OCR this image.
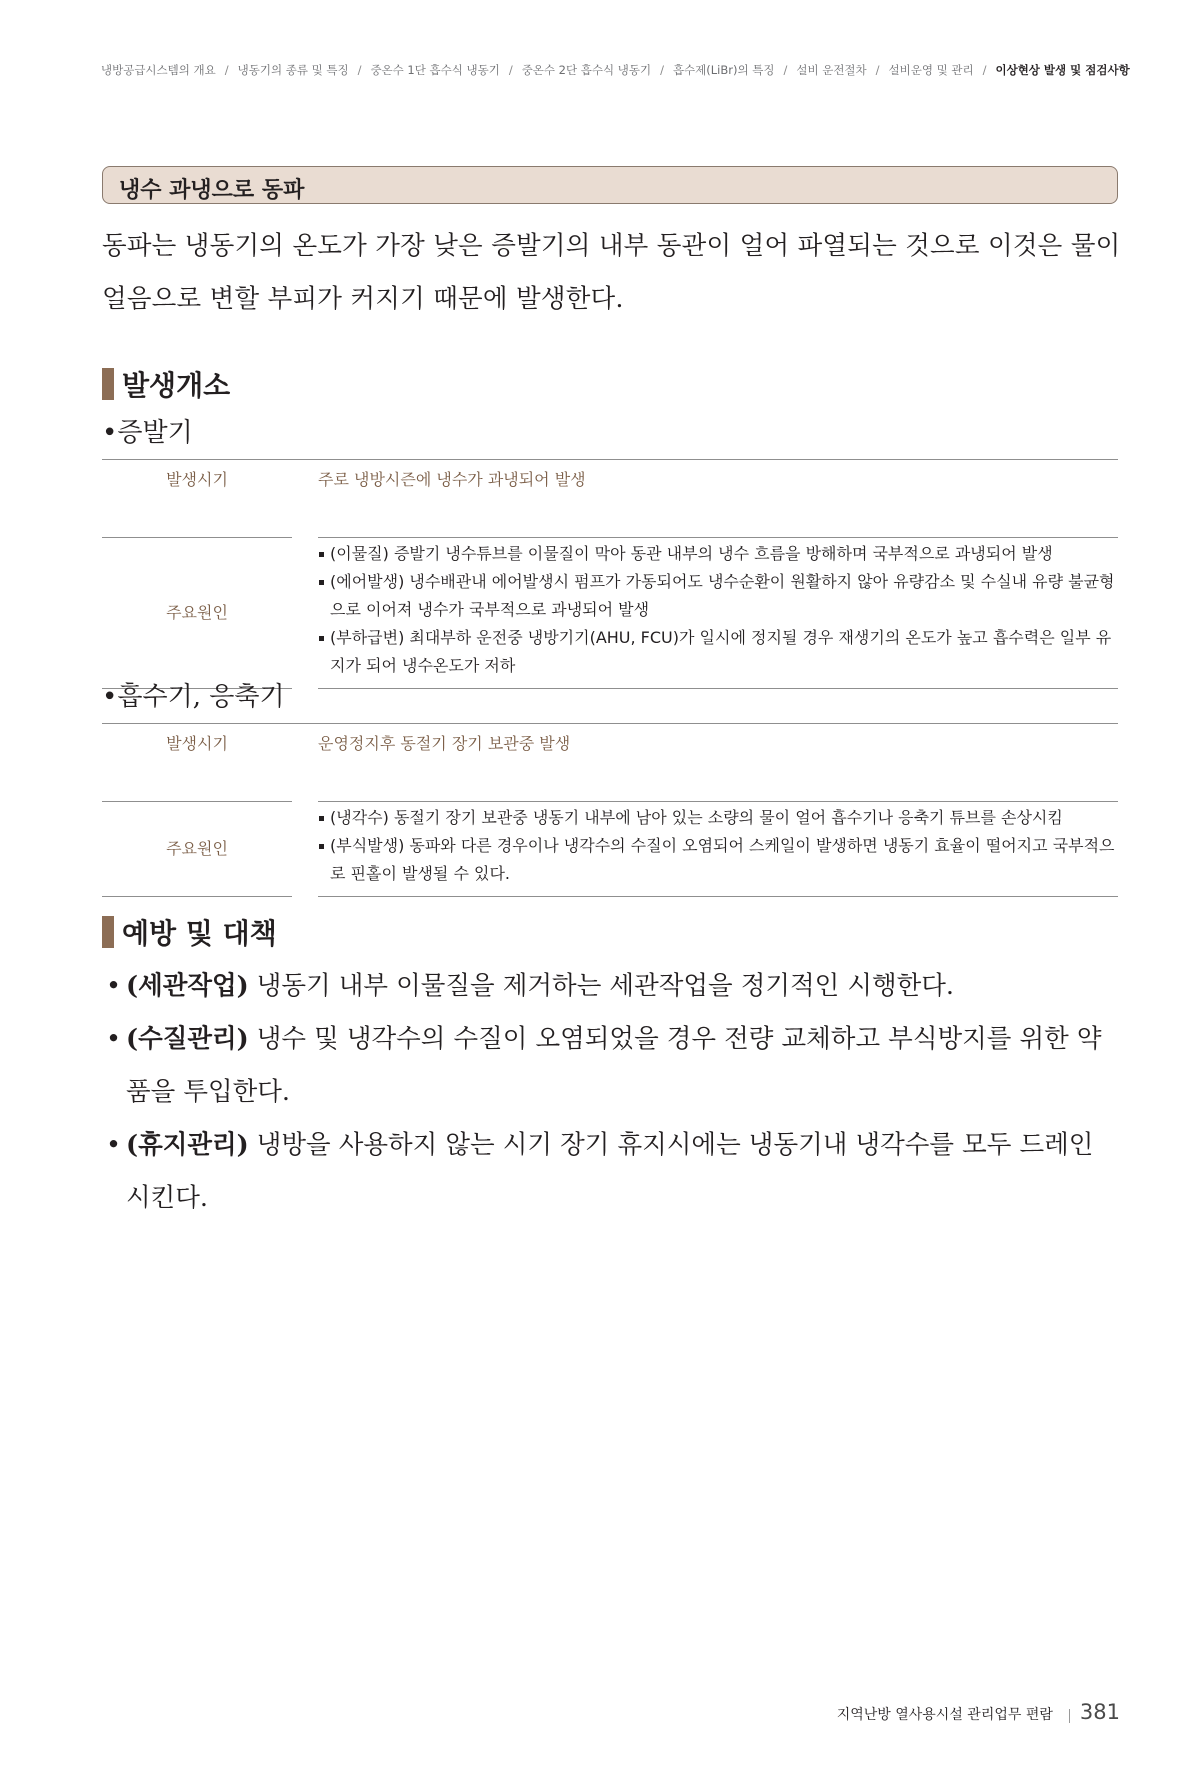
냉방공급시스템의 개요 / 냉동기의 종류 및 특징 / 중온수 1단 흡수식 냉동기 / 중온수 2단 흡수식 냉동기 / 흡수제(LiBr)의 특징 / 설비 운전절차 / 설비운영 및 관리 / 이상현상 발생 및 점검사항
냉수 과냉으로 동파
동파는 냉동기의 온도가 가장 낮은 증발기의 내부 동관이 얼어 파열되는 것으로 이것은 물이 얼음으로 변할 부피가 커지기 때문에 발생한다.
발생개소
•증발기
발생시기	주로 냉방시즌에 냉수가 과냉되어 발생
주요원인
(이물질) 증발기 냉수튜브를 이물질이 막아 동관 내부의 냉수 흐름을 방해하며 국부적으로 과냉되어 발생
(에어발생) 냉수배관내 에어발생시 펌프가 가동되어도 냉수순환이 원활하지 않아 유량감소 및 수실내 유량 불균형으로 이어져 냉수가 국부적으로 과냉되어 발생
(부하급변) 최대부하 운전중 냉방기기(AHU, FCU)가 일시에 정지될 경우 재생기의 온도가 높고 흡수력은 일부 유지가 되어 냉수온도가 저하
•흡수기, 응축기
발생시기	운영정지후 동절기 장기 보관중 발생
주요원인
(냉각수) 동절기 장기 보관중 냉동기 내부에 남아 있는 소량의 물이 얼어 흡수기나 응축기 튜브를 손상시킴
(부식발생) 동파와 다른 경우이나 냉각수의 수질이 오염되어 스케일이 발생하면 냉동기 효율이 떨어지고 국부적으로 핀홀이 발생될 수 있다.
예방 및 대책
• (세관작업) 냉동기 내부 이물질을 제거하는 세관작업을 정기적인 시행한다.
• (수질관리) 냉수 및 냉각수의 수질이 오염되었을 경우 전량 교체하고 부식방지를 위한 약품을 투입한다.
• (휴지관리) 냉방을 사용하지 않는 시기 장기 휴지시에는 냉동기내 냉각수를 모두 드레인 시킨다.
지역난방 열사용시설 관리업무 편람 381
